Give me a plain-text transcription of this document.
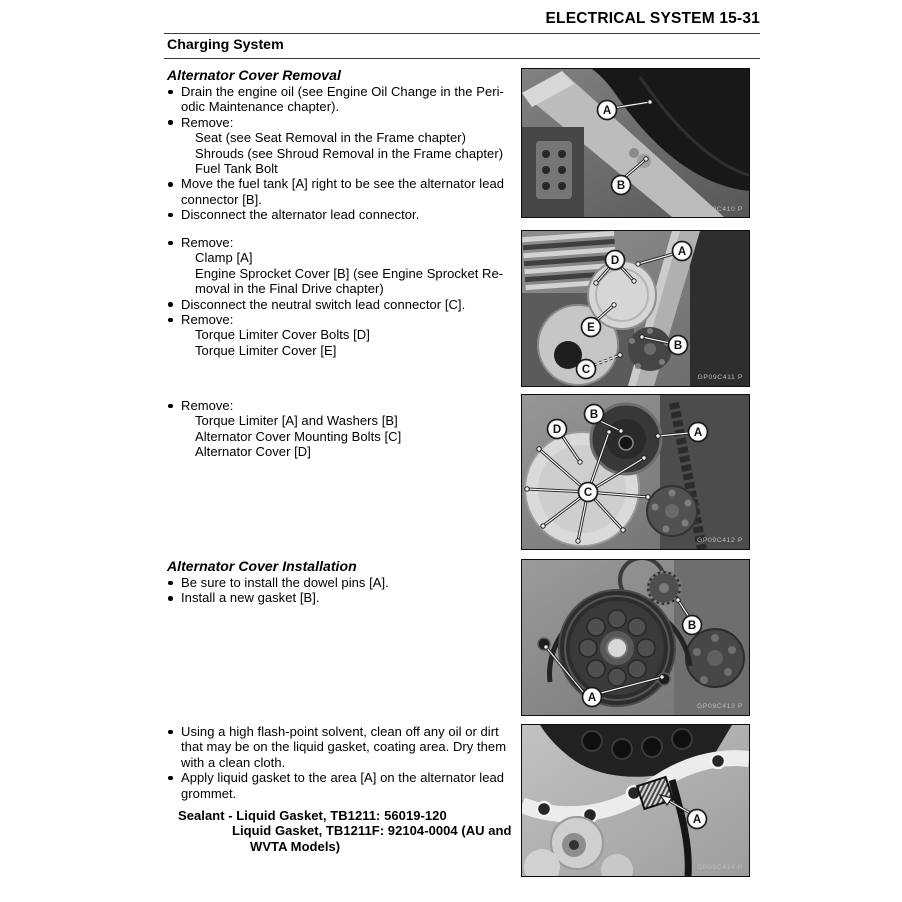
ELECTRICAL SYSTEM 15-31
Charging System
Alternator Cover Removal
Drain the engine oil (see Engine Oil Change in the Peri-
odic Maintenance chapter).
Remove:
Seat (see Seat Removal in the Frame chapter)
Shrouds (see Shroud Removal in the Frame chapter)
Fuel Tank Bolt
Move the fuel tank [A] right to be see the alternator lead
connector [B].
Disconnect the alternator lead connector.
Remove:
Clamp [A]
Engine Sprocket Cover [B] (see Engine Sprocket Re-
moval in the Final Drive chapter)
Disconnect the neutral switch lead connector [C].
Remove:
Torque Limiter Cover Bolts [D]
Torque Limiter Cover [E]
Remove:
Torque Limiter [A] and Washers [B]
Alternator Cover Mounting Bolts [C]
Alternator Cover [D]
Alternator Cover Installation
Be sure to install the dowel pins [A].
Install a new gasket [B].
Using a high flash-point solvent, clean off any oil or dirt
that may be on the liquid gasket, coating area. Dry them
with a clean cloth.
Apply liquid gasket to the area [A] on the alternator lead
grommet.
Sealant - Liquid Gasket, TB1211: 56019-120
Liquid Gasket, TB1211F: 92104-0004 (AU and
WVTA Models)
A
B
GP09C410 P
D
A
E
B
C
GP09C411 P
C
B
D	A
GP09C412 P
B
A
GP09C413 P
A
GP09C414 P
